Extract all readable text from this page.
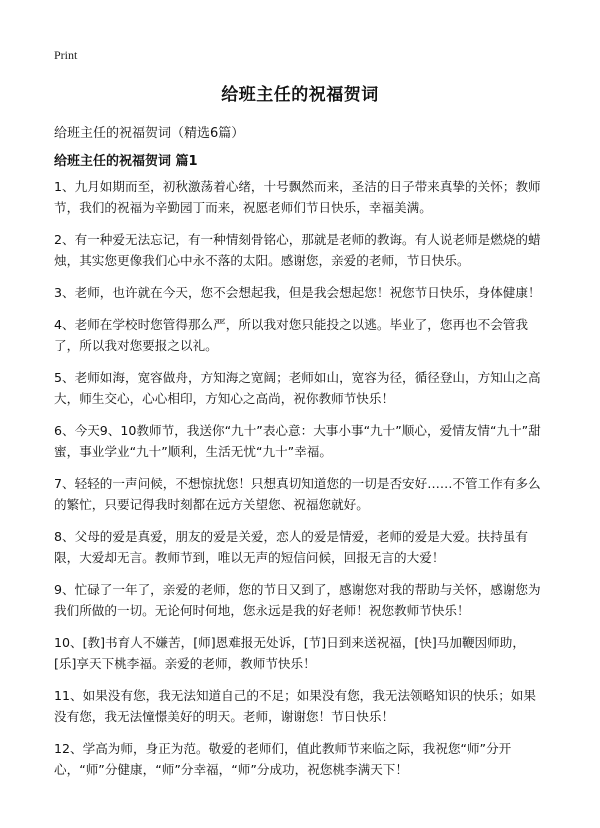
Print
给班主任的祝福贺词
给班主任的祝福贺词（精选6篇）
给班主任的祝福贺词 篇1

1、九月如期而至，初秋激荡着心绪，十号飘然而来，圣洁的日子带来真挚的关怀；教师节，我们的祝福为辛勤园丁而来，祝愿老师们节日快乐，幸福美满。

2、有一种爱无法忘记，有一种情刻骨铭心，那就是老师的教诲。有人说老师是燃烧的蜡烛，其实您更像我们心中永不落的太阳。感谢您，亲爱的老师，节日快乐。

3、老师，也许就在今天，您不会想起我，但是我会想起您！祝您节日快乐，身体健康！

4、老师在学校时您管得那么严，所以我对您只能投之以逃。毕业了，您再也不会管我了，所以我对您要报之以礼。

5、老师如海，宽容做舟，方知海之宽阔；老师如山，宽容为径，循径登山，方知山之高大，师生交心，心心相印，方知心之高尚，祝你教师节快乐！

6、今天9、10教师节，我送你“九十”表心意：大事小事“九十”顺心，爱情友情“九十”甜蜜，事业学业“九十”顺利，生活无忧“九十”幸福。

7、轻轻的一声问候，不想惊扰您！只想真切知道您的一切是否安好……不管工作有多么的繁忙，只要记得我时刻都在远方关望您、祝福您就好。

8、父母的爱是真爱，朋友的爱是关爱，恋人的爱是情爱，老师的爱是大爱。扶持虽有限，大爱却无言。教师节到，唯以无声的短信问候，回报无言的大爱！

9、忙碌了一年了，亲爱的老师，您的节日又到了，感谢您对我的帮助与关怀，感谢您为我们所做的一切。无论何时何地，您永远是我的好老师！祝您教师节快乐！

10、[教]书育人不嫌苦，[师]恩难报无处诉，[节]日到来送祝福，[快]马加鞭因师助，[乐]享天下桃李福。亲爱的老师，教师节快乐！

11、如果没有您，我无法知道自己的不足；如果没有您，我无法领略知识的快乐；如果没有您，我无法憧憬美好的明天。老师，谢谢您！节日快乐！

12、学高为师，身正为范。敬爱的老师们，值此教师节来临之际，我祝您“师”分开心，“师”分健康，“师”分幸福，“师”分成功，祝您桃李满天下！
